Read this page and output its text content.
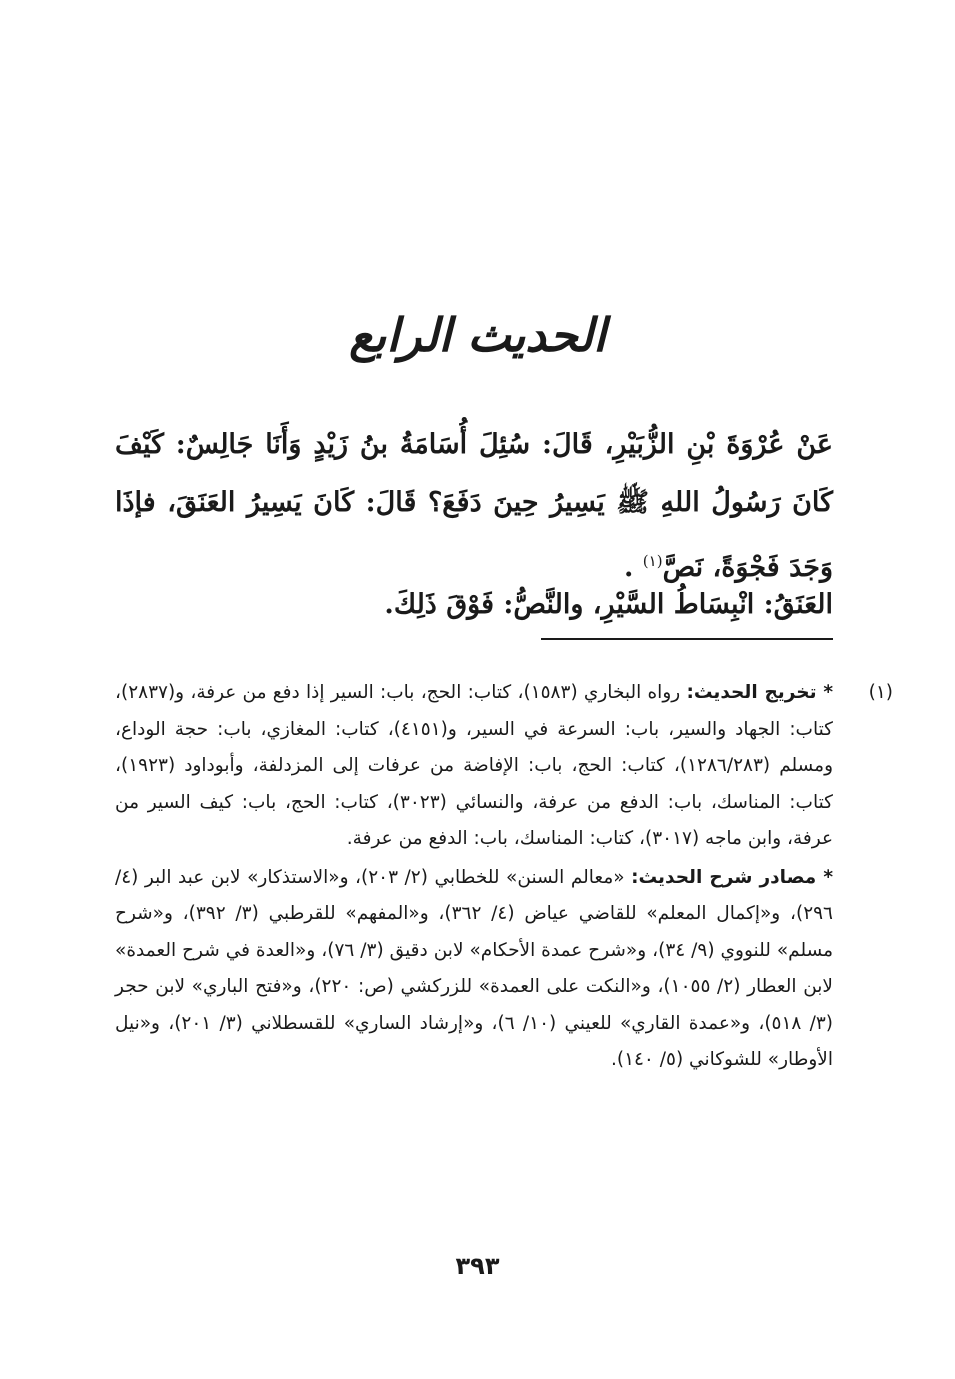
الحديث الرابع
عَنْ عُرْوَةَ بْنِ الزُّبَيْرِ، قَالَ: سُئِلَ أُسَامَةُ بنُ زَيْدٍ وَأَنَا جَالِسٌ: كَيْفَ كَانَ رَسُولُ اللهِ ﷺ يَسِيرُ حِينَ دَفَعَ؟ قَالَ: كَانَ يَسِيرُ العَنَقَ، فإذَا وَجَدَ فَجْوَةً، نَصَّ$^{(١)}$ .
العَنَقُ: انْبِسَاطُ السَّيْرِ، والنَّصُّ: فَوْقَ ذَلِكَ.
(١)

* تخريج الحديث: رواه البخاري (١٥٨٣)، كتاب: الحج، باب: السير إذا دفع من عرفة، و(٢٨٣٧)، كتاب: الجهاد والسير، باب: السرعة في السير، و(٤١٥١)، كتاب: المغازي، باب: حجة الوداع، ومسلم (١٢٨٦/٢٨٣)، كتاب: الحج، باب: الإفاضة من عرفات إلى المزدلفة، وأبوداود (١٩٢٣)، كتاب: المناسك، باب: الدفع من عرفة، والنسائي (٣٠٢٣)، كتاب: الحج، باب: كيف السير من عرفة، وابن ماجه (٣٠١٧)، كتاب: المناسك، باب: الدفع من عرفة.

* مصادر شرح الحديث: «معالم السنن» للخطابي (٢/ ٢٠٣)، و«الاستذكار» لابن عبد البر (٤/ ٢٩٦)، و«إكمال المعلم» للقاضي عياض (٤/ ٣٦٢)، و«المفهم» للقرطبي (٣/ ٣٩٢)، و«شرح مسلم» للنووي (٩/ ٣٤)، و«شرح عمدة الأحكام» لابن دقيق (٣/ ٧٦)، و«العدة في شرح العمدة» لابن العطار (٢/ ١٠٥٥)، و«النكت على العمدة» للزركشي (ص: ٢٢٠)، و«فتح الباري» لابن حجر (٣/ ٥١٨)، و«عمدة القاري» للعيني (١٠/ ٦)، و«إرشاد الساري» للقسطلاني (٣/ ٢٠١)، و«نيل الأوطار» للشوكاني (٥/ ١٤٠).

٣٩٣
